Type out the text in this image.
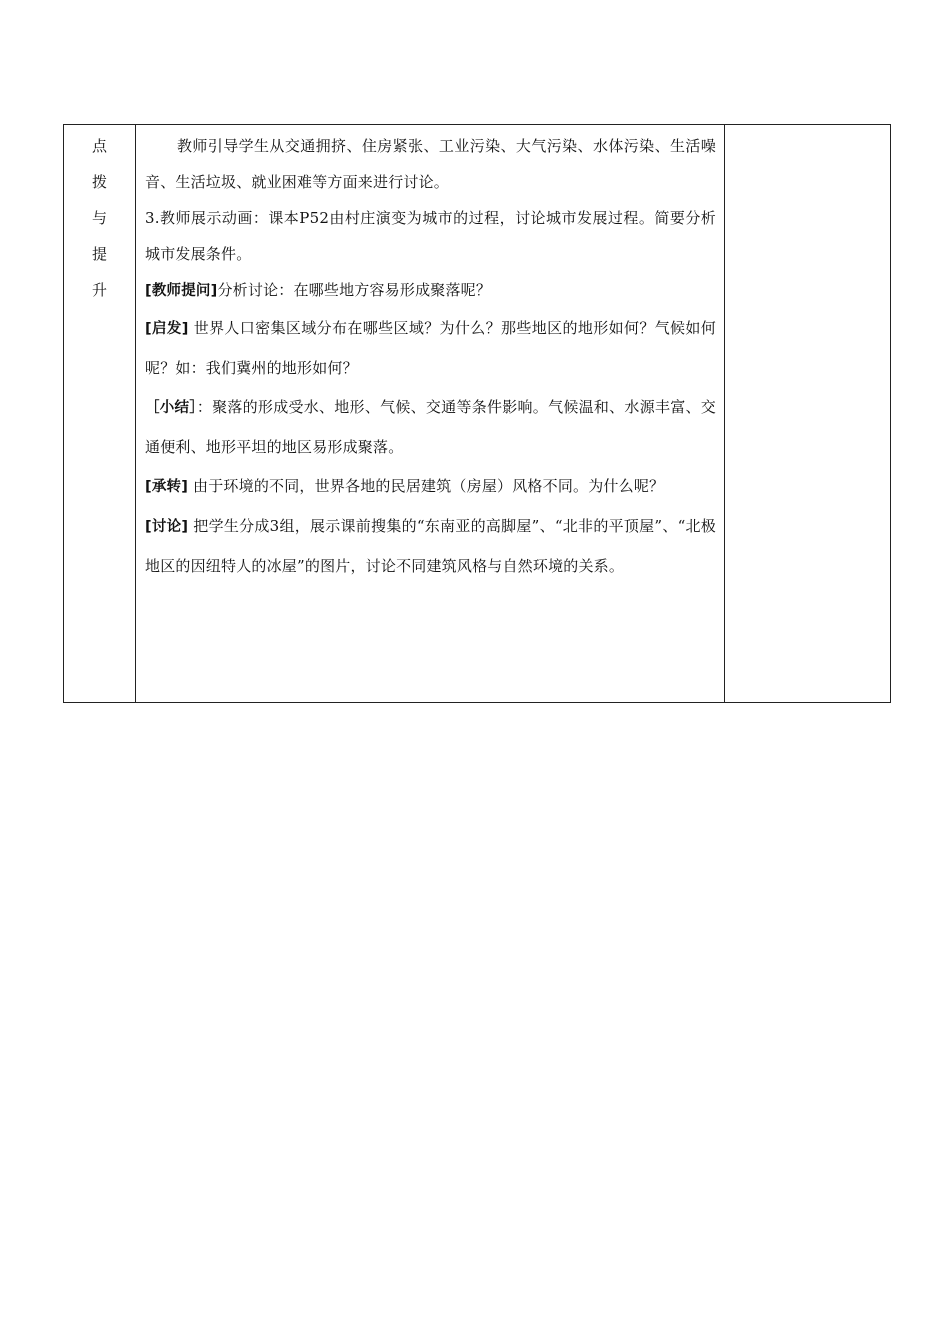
点
拨
与
提
升

教师引导学生从交通拥挤、住房紧张、工业污染、大气污染、水体污染、生活噪音、生活垃圾、就业困难等方面来进行讨论。

3.教师展示动画：课本P52由村庄演变为城市的过程，讨论城市发展过程。简要分析城市发展条件。

[教师提问]分析讨论：在哪些地方容易形成聚落呢？

[启发] 世界人口密集区域分布在哪些区域？为什么？那些地区的地形如何？气候如何呢？如：我们冀州的地形如何？

［小结］：聚落的形成受水、地形、气候、交通等条件影响。气候温和、水源丰富、交通便利、地形平坦的地区易形成聚落。

[承转] 由于环境的不同，世界各地的民居建筑（房屋）风格不同。为什么呢？

[讨论] 把学生分成3组，展示课前搜集的“东南亚的高脚屋”、“北非的平顶屋”、“北极地区的因纽特人的冰屋”的图片，讨论不同建筑风格与自然环境的关系。
